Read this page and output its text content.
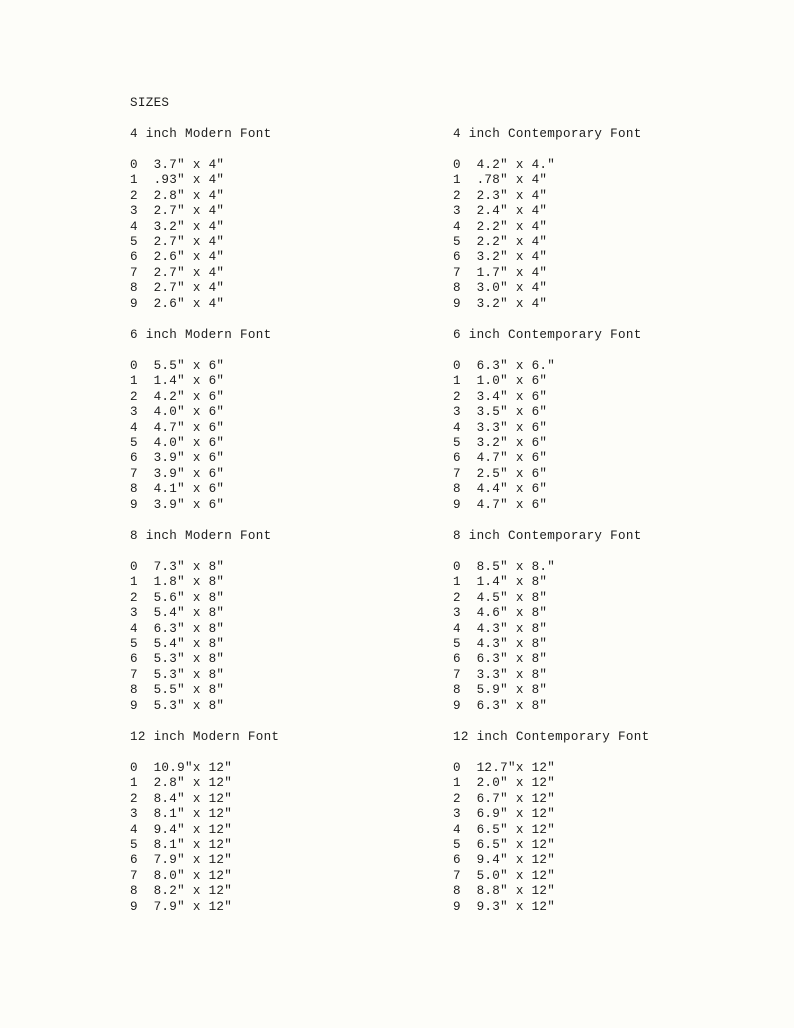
SIZES
4 inch Modern Font
0  3.7" x 4"
1  .93" x 4"
2  2.8" x 4"
3  2.7" x 4"
4  3.2" x 4"
5  2.7" x 4"
6  2.6" x 4"
7  2.7" x 4"
8  2.7" x 4"
9  2.6" x 4"
6 inch Modern Font
0  5.5" x 6"
1  1.4" x 6"
2  4.2" x 6"
3  4.0" x 6"
4  4.7" x 6"
5  4.0" x 6"
6  3.9" x 6"
7  3.9" x 6"
8  4.1" x 6"
9  3.9" x 6"
8 inch Modern Font
0  7.3" x 8"
1  1.8" x 8"
2  5.6" x 8"
3  5.4" x 8"
4  6.3" x 8"
5  5.4" x 8"
6  5.3" x 8"
7  5.3" x 8"
8  5.5" x 8"
9  5.3" x 8"
12 inch Modern Font
0  10.9"x 12"
1  2.8" x 12"
2  8.4" x 12"
3  8.1" x 12"
4  9.4" x 12"
5  8.1" x 12"
6  7.9" x 12"
7  8.0" x 12"
8  8.2" x 12"
9  7.9" x 12"
4 inch Contemporary Font
0  4.2" x 4."
1  .78" x 4"
2  2.3" x 4"
3  2.4" x 4"
4  2.2" x 4"
5  2.2" x 4"
6  3.2" x 4"
7  1.7" x 4"
8  3.0" x 4"
9  3.2" x 4"
6 inch Contemporary Font
0  6.3" x 6."
1  1.0" x 6"
2  3.4" x 6"
3  3.5" x 6"
4  3.3" x 6"
5  3.2" x 6"
6  4.7" x 6"
7  2.5" x 6"
8  4.4" x 6"
9  4.7" x 6"
8 inch Contemporary Font
0  8.5" x 8."
1  1.4" x 8"
2  4.5" x 8"
3  4.6" x 8"
4  4.3" x 8"
5  4.3" x 8"
6  6.3" x 8"
7  3.3" x 8"
8  5.9" x 8"
9  6.3" x 8"
12 inch Contemporary Font
0  12.7"x 12"
1  2.0" x 12"
2  6.7" x 12"
3  6.9" x 12"
4  6.5" x 12"
5  6.5" x 12"
6  9.4" x 12"
7  5.0" x 12"
8  8.8" x 12"
9  9.3" x 12"
